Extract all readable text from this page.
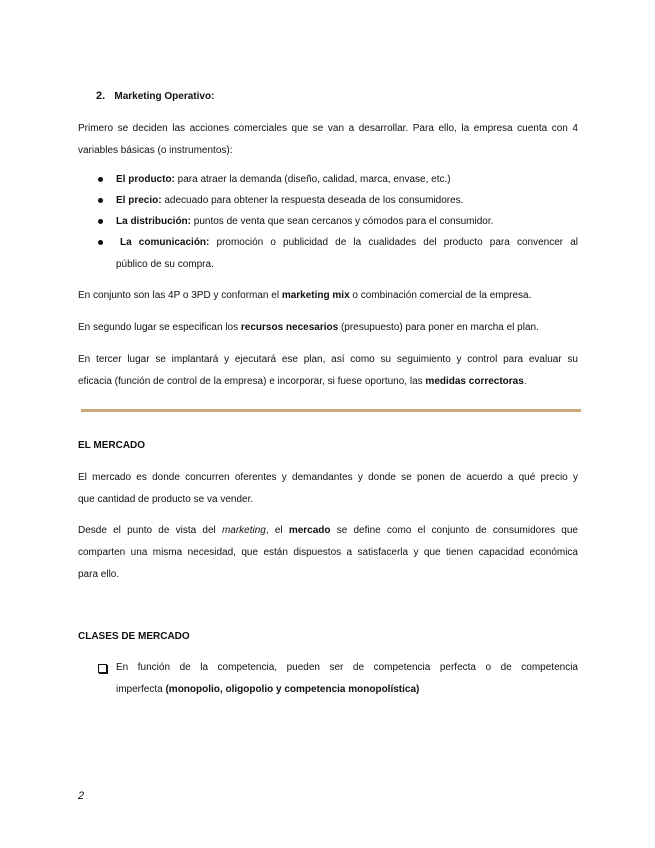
2. Marketing Operativo:
Primero se deciden las acciones comerciales que se van a desarrollar. Para ello, la empresa cuenta con 4
variables básicas (o instrumentos):
El producto: para atraer la demanda (diseño, calidad, marca, envase, etc.)
El precio: adecuado para obtener la respuesta deseada de los consumidores.
La distribución: puntos de venta que sean cercanos y cómodos para el consumidor.
La comunicación: promoción o publicidad de la cualidades del producto para convencer al
público de su compra.
En conjunto son las 4P o 3PD y conforman el marketing mix o combinación comercial de la empresa.
En segundo lugar se especifican los recursos necesarios (presupuesto) para poner en marcha el plan.
En tercer lugar se implantará y ejecutará ese plan, así como su seguimiento y control para evaluar su
eficacia (función de control de la empresa) e incorporar, si fuese oportuno, las medidas correctoras.
EL MERCADO
El mercado es donde concurren oferentes y demandantes y donde se ponen de acuerdo a qué precio y
que cantidad de producto se va vender.
Desde el punto de vista del marketing, el mercado se define como el conjunto de consumidores que
comparten una misma necesidad, que están dispuestos a satisfacerla y que tienen capacidad económica
para ello.
CLASES DE MERCADO
En función de la competencia, pueden ser de competencia perfecta o de competencia
imperfecta (monopolio, oligopolio y competencia monopolística)
2
